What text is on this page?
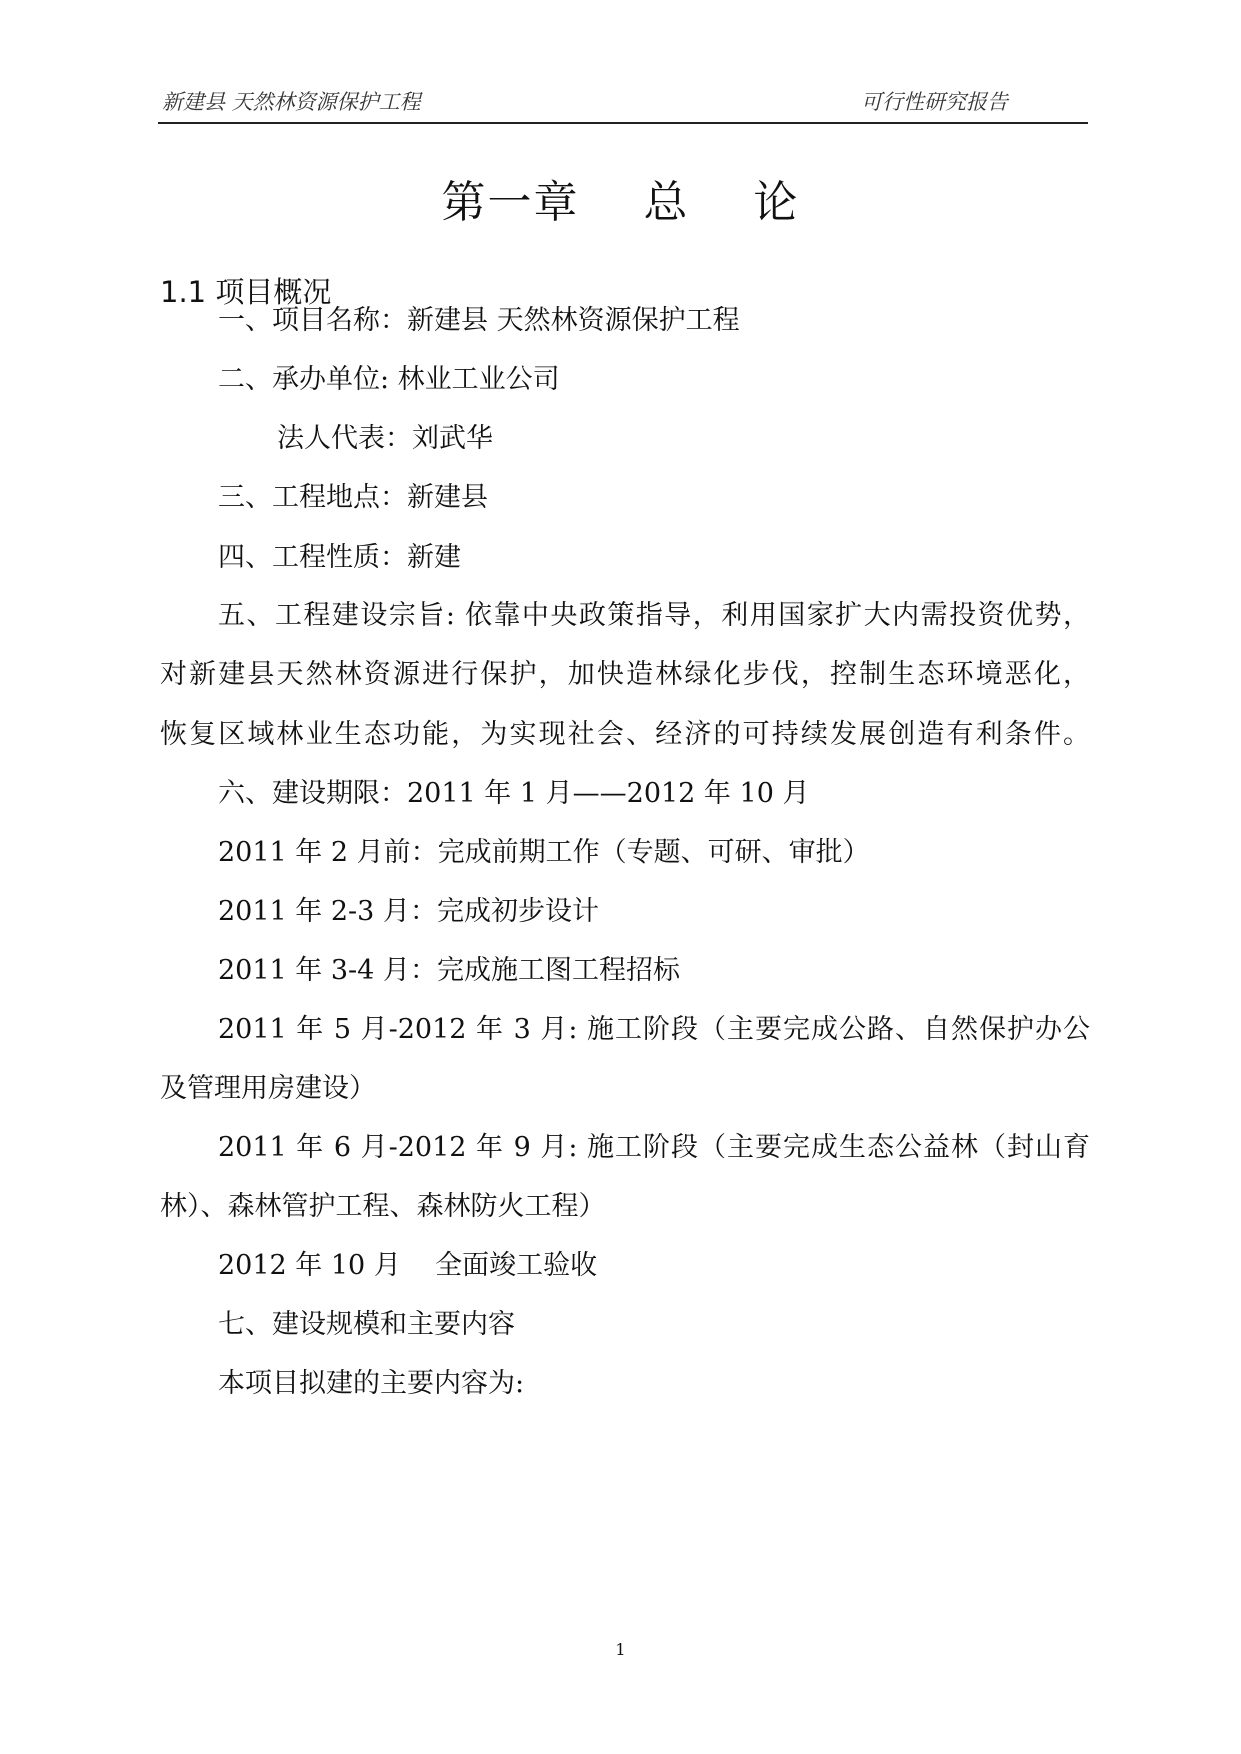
新建县 天然林资源保护工程	可行性研究报告
第一章    总    论
1.1 项目概况
一、项目名称：新建县 天然林资源保护工程
二、承办单位: 林业工业公司
法人代表：刘武华
三、工程地点：新建县
四、工程性质：新建
五、工程建设宗旨: 依靠中央政策指导，利用国家扩大内需投资优势，
对新建县天然林资源进行保护，加快造林绿化步伐，控制生态环境恶化，
恢复区域林业生态功能，为实现社会、经济的可持续发展创造有利条件。
六、建设期限：2011 年 1 月——2012 年 10 月
2011 年 2 月前：完成前期工作（专题、可研、审批）
2011 年 2-3 月：完成初步设计
2011 年 3-4 月：完成施工图工程招标
2011 年 5 月-2012 年 3 月: 施工阶段（主要完成公路、自然保护办公
及管理用房建设）
2011 年 6 月-2012 年 9 月: 施工阶段（主要完成生态公益林（封山育
林）、森林管护工程、森林防火工程）
2012 年 10 月    全面竣工验收
七、建设规模和主要内容
本项目拟建的主要内容为:
1
